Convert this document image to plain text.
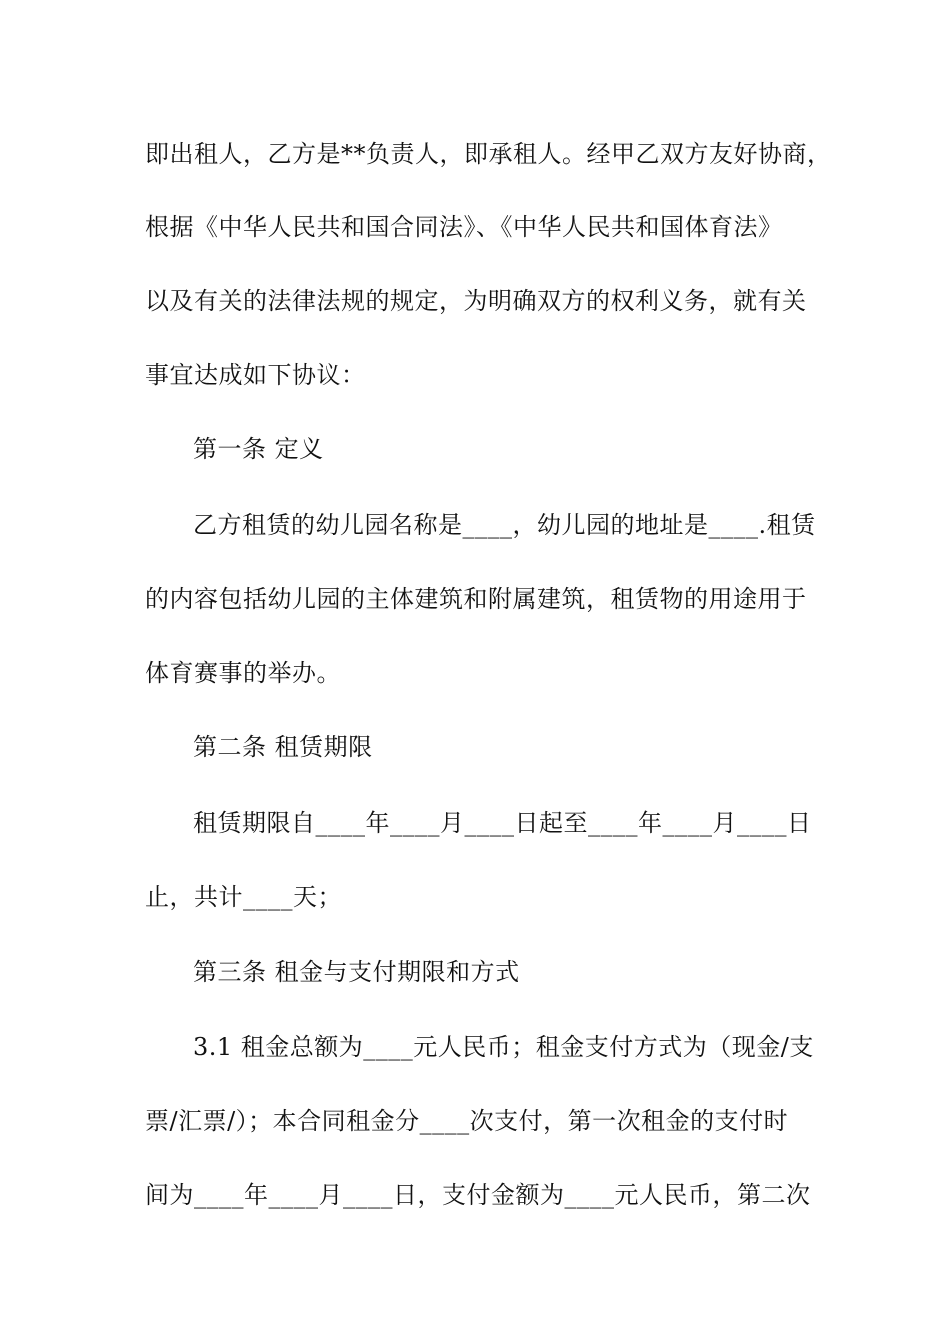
即出租人，乙方是**负责人，即承租人。经甲乙双方友好协商，
根据《中华人民共和国合同法》、《中华人民共和国体育法》
以及有关的法律法规的规定，为明确双方的权利义务，就有关
事宜达成如下协议：
第一条 定义
乙方租赁的幼儿园名称是____，幼儿园的地址是____.租赁
的内容包括幼儿园的主体建筑和附属建筑，租赁物的用途用于
体育赛事的举办。
第二条 租赁期限
租赁期限自____年____月____日起至____年____月____日
止，共计____天；
第三条 租金与支付期限和方式
3.1 租金总额为____元人民币；租金支付方式为（现金/支
票/汇票/）；本合同租金分____次支付，第一次租金的支付时
间为____年____月____日，支付金额为____元人民币，第二次
